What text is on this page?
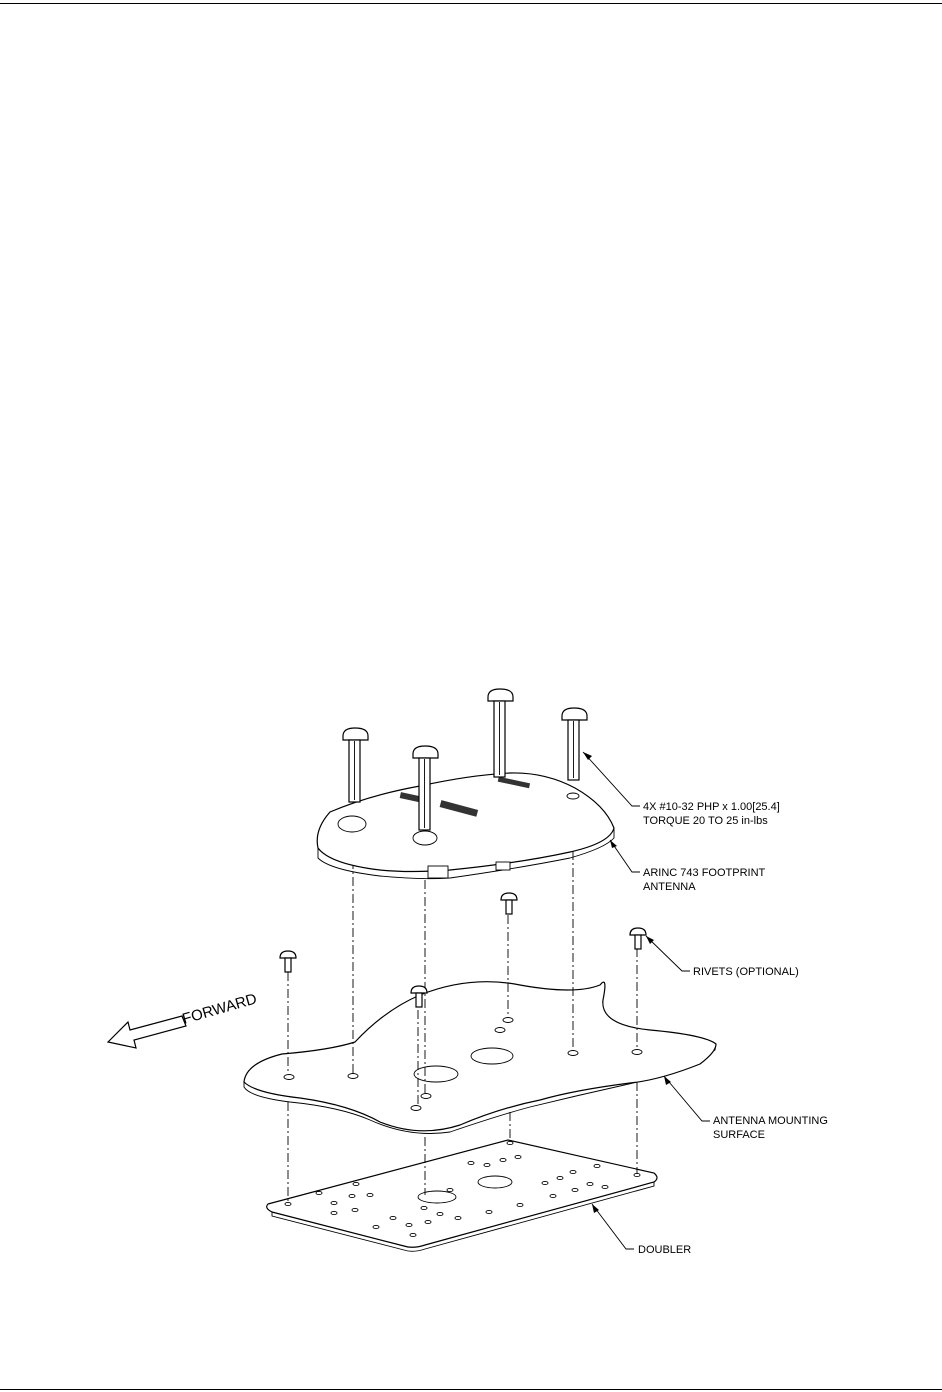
FORWARD
4X #10-32 PHP x 1.00[25.4]
TORQUE 20 TO 25 in-lbs
ARINC 743 FOOTPRINT
ANTENNA
RIVETS (OPTIONAL)
ANTENNA MOUNTING
SURFACE
DOUBLER
